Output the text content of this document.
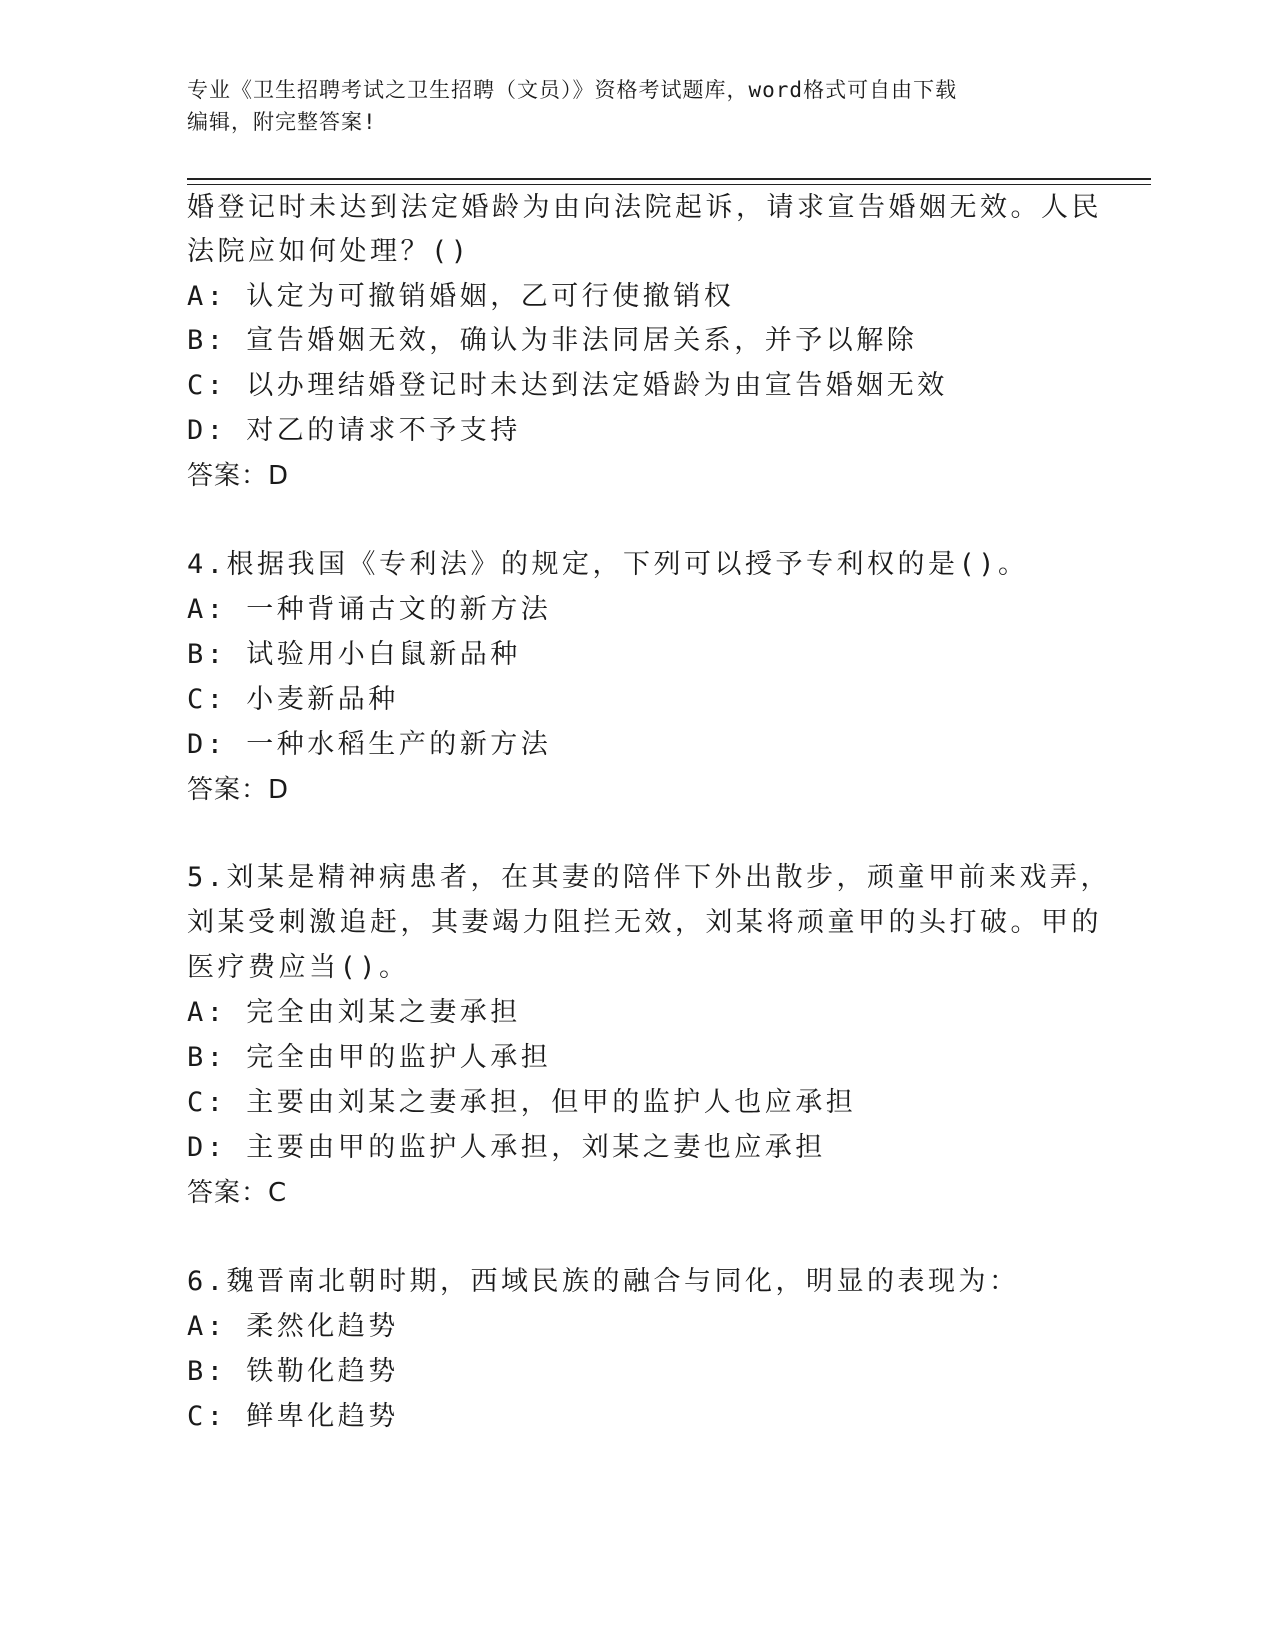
专业《卫生招聘考试之卫生招聘（文员）》资格考试题库，word格式可自由下载
编辑，附完整答案!
婚登记时未达到法定婚龄为由向法院起诉，请求宣告婚姻无效。人民
法院应如何处理？()
A: 认定为可撤销婚姻，乙可行使撤销权
B: 宣告婚姻无效，确认为非法同居关系，并予以解除
C: 以办理结婚登记时未达到法定婚龄为由宣告婚姻无效
D: 对乙的请求不予支持
答案：D
4.根据我国《专利法》的规定，下列可以授予专利权的是()。
A: 一种背诵古文的新方法
B: 试验用小白鼠新品种
C: 小麦新品种
D: 一种水稻生产的新方法
答案：D
5.刘某是精神病患者，在其妻的陪伴下外出散步，顽童甲前来戏弄，
刘某受刺激追赶，其妻竭力阻拦无效，刘某将顽童甲的头打破。甲的
医疗费应当()。
A: 完全由刘某之妻承担
B: 完全由甲的监护人承担
C: 主要由刘某之妻承担，但甲的监护人也应承担
D: 主要由甲的监护人承担，刘某之妻也应承担
答案：C
6.魏晋南北朝时期，西域民族的融合与同化，明显的表现为：
A: 柔然化趋势
B: 铁勒化趋势
C: 鲜卑化趋势
